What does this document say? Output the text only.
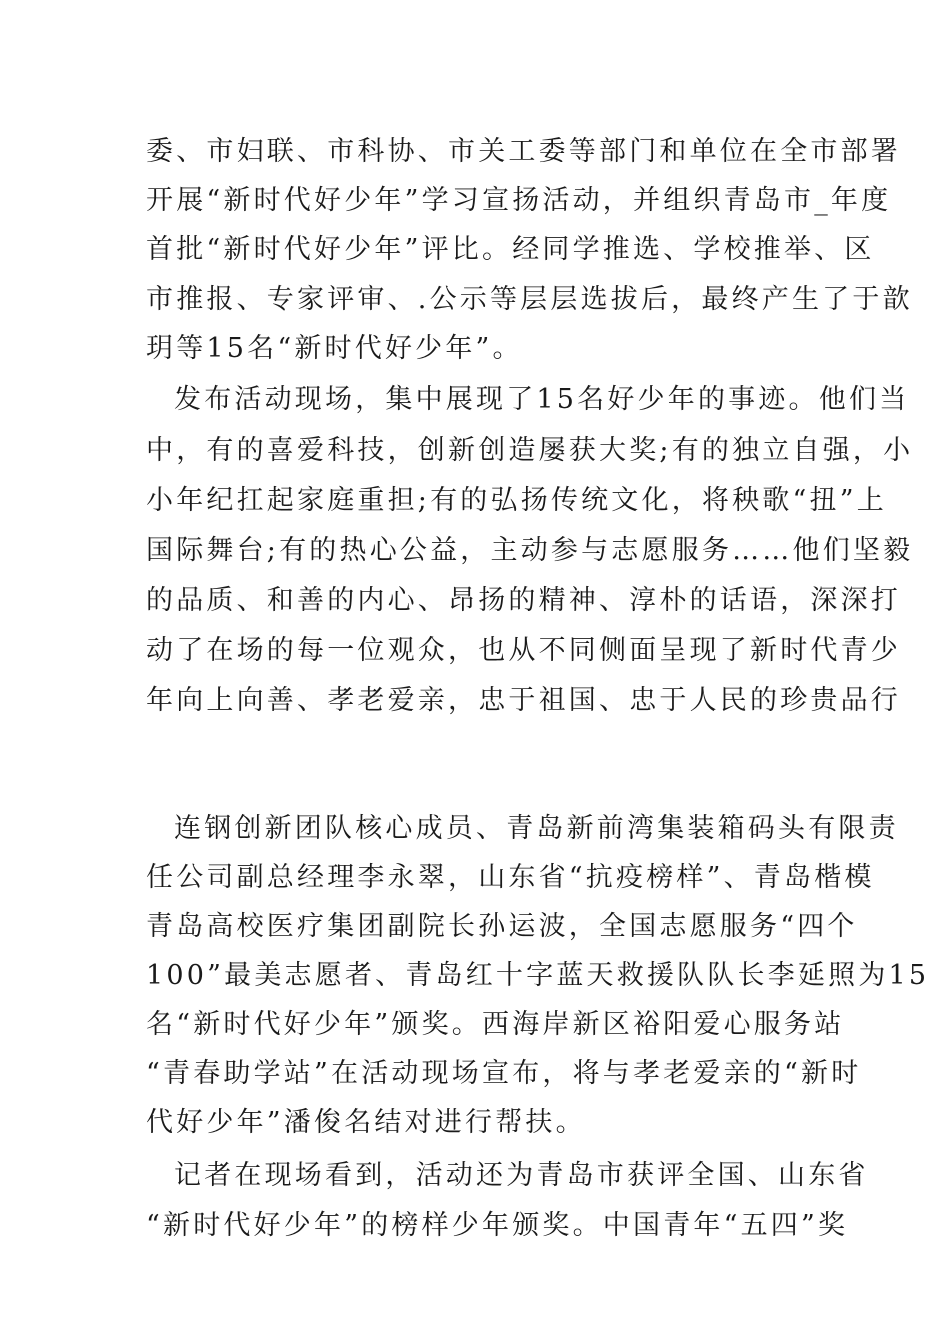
委、市妇联、市科协、市关工委等部门和单位在全市部署
开展“新时代好少年”学习宣扬活动，并组织青岛市_年度
首批“新时代好少年”评比。经同学推选、学校推举、区
市推报、专家评审、.公示等层层选拔后，最终产生了于歆
玥等15名“新时代好少年”。
发布活动现场，集中展现了15名好少年的事迹。他们当
中，有的喜爱科技，创新创造屡获大奖;有的独立自强，小
小年纪扛起家庭重担;有的弘扬传统文化，将秧歌“扭”上
国际舞台;有的热心公益，主动参与志愿服务……他们坚毅
的品质、和善的内心、昂扬的精神、淳朴的话语，深深打
动了在场的每一位观众，也从不同侧面呈现了新时代青少
年向上向善、孝老爱亲，忠于祖国、忠于人民的珍贵品行
连钢创新团队核心成员、青岛新前湾集装箱码头有限责
任公司副总经理李永翠，山东省“抗疫榜样”、青岛楷模
青岛高校医疗集团副院长孙运波，全国志愿服务“四个
100”最美志愿者、青岛红十字蓝天救援队队长李延照为15
名“新时代好少年”颁奖。西海岸新区裕阳爱心服务站
“青春助学站”在活动现场宣布，将与孝老爱亲的“新时
代好少年”潘俊名结对进行帮扶。
记者在现场看到，活动还为青岛市获评全国、山东省
“新时代好少年”的榜样少年颁奖。中国青年“五四”奖
